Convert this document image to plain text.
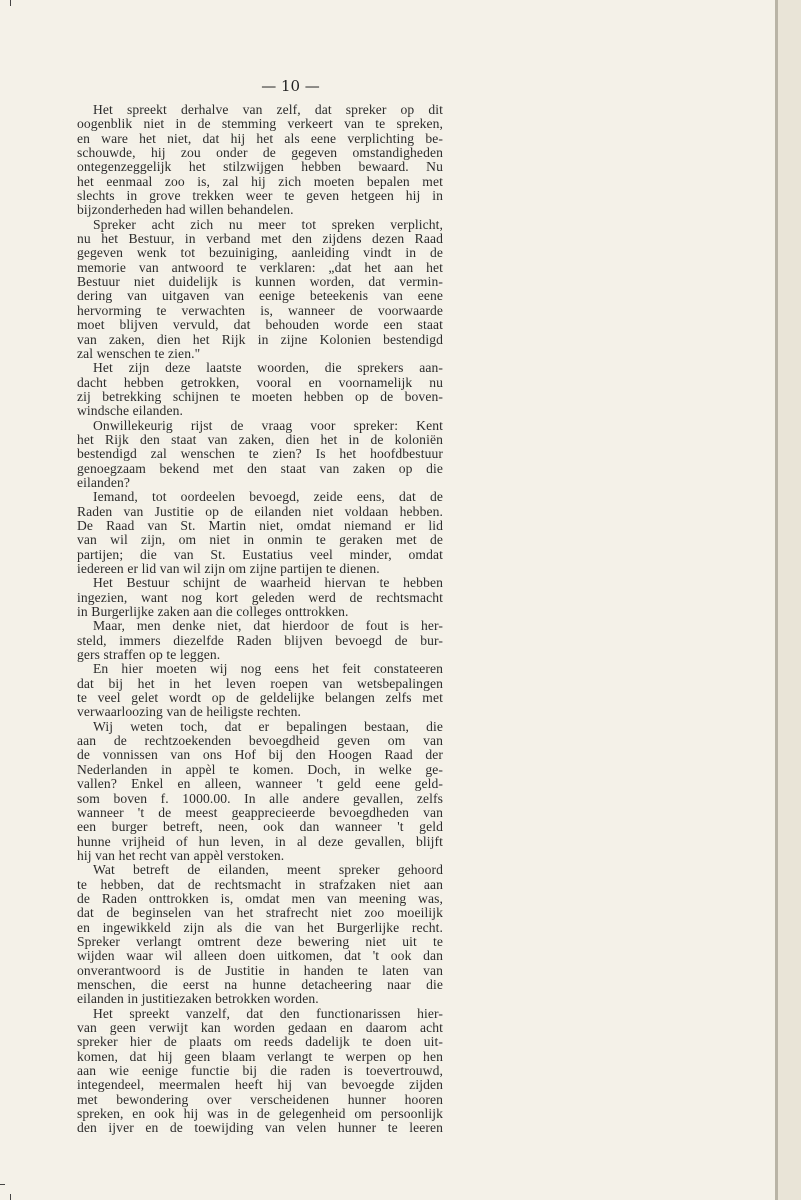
— 10 —
Het spreekt derhalve van zelf, dat spreker op dit
oogenblik niet in de stemming verkeert van te spreken,
en ware het niet, dat hij het als eene verplichting be-
schouwde, hij zou onder de gegeven omstandigheden
ontegenzeggelijk het stilzwijgen hebben bewaard. Nu
het eenmaal zoo is, zal hij zich moeten bepalen met
slechts in grove trekken weer te geven hetgeen hij in
bijzonderheden had willen behandelen.
Spreker acht zich nu meer tot spreken verplicht,
nu het Bestuur, in verband met den zijdens dezen Raad
gegeven wenk tot bezuiniging, aanleiding vindt in de
memorie van antwoord te verklaren: „dat het aan het
Bestuur niet duidelijk is kunnen worden, dat vermin-
dering van uitgaven van eenige beteekenis van eene
hervorming te verwachten is, wanneer de voorwaarde
moet blijven vervuld, dat behouden worde een staat
van zaken, dien het Rijk in zijne Kolonien bestendigd
zal wenschen te zien."
Het zijn deze laatste woorden, die sprekers aan-
dacht hebben getrokken, vooral en voornamelijk nu
zij betrekking schijnen te moeten hebben op de boven-
windsche eilanden.
Onwillekeurig rijst de vraag voor spreker: Kent
het Rijk den staat van zaken, dien het in de koloniën
bestendigd zal wenschen te zien? Is het hoofdbestuur
genoegzaam bekend met den staat van zaken op die
eilanden?
Iemand, tot oordeelen bevoegd, zeide eens, dat de
Raden van Justitie op de eilanden niet voldaan hebben.
De Raad van St. Martin niet, omdat niemand er lid
van wil zijn, om niet in onmin te geraken met de
partijen; die van St. Eustatius veel minder, omdat
iedereen er lid van wil zijn om zijne partijen te dienen.
Het Bestuur schijnt de waarheid hiervan te hebben
ingezien, want nog kort geleden werd de rechtsmacht
in Burgerlijke zaken aan die colleges onttrokken.
Maar, men denke niet, dat hierdoor de fout is her-
steld, immers diezelfde Raden blijven bevoegd de bur-
gers straffen op te leggen.
En hier moeten wij nog eens het feit constateeren
dat bij het in het leven roepen van wetsbepalingen
te veel gelet wordt op de geldelijke belangen zelfs met
verwaarloozing van de heiligste rechten.
Wij weten toch, dat er bepalingen bestaan, die
aan de rechtzoekenden bevoegdheid geven om van
de vonnissen van ons Hof bij den Hoogen Raad der
Nederlanden in appèl te komen. Doch, in welke ge-
vallen? Enkel en alleen, wanneer 't geld eene geld-
som boven f. 1000.00. In alle andere gevallen, zelfs
wanneer 't de meest geapprecieerde bevoegdheden van
een burger betreft, neen, ook dan wanneer 't geld
hunne vrijheid of hun leven, in al deze gevallen, blijft
hij van het recht van appèl verstoken.
Wat betreft de eilanden, meent spreker gehoord
te hebben, dat de rechtsmacht in strafzaken niet aan
de Raden onttrokken is, omdat men van meening was,
dat de beginselen van het strafrecht niet zoo moeilijk
en ingewikkeld zijn als die van het Burgerlijke recht.
Spreker verlangt omtrent deze bewering niet uit te
wijden waar wil alleen doen uitkomen, dat 't ook dan
onverantwoord is de Justitie in handen te laten van
menschen, die eerst na hunne detacheering naar die
eilanden in justitiezaken betrokken worden.
Het spreekt vanzelf, dat den functionarissen hier-
van geen verwijt kan worden gedaan en daarom acht
spreker hier de plaats om reeds dadelijk te doen uit-
komen, dat hij geen blaam verlangt te werpen op hen
aan wie eenige functie bij die raden is toevertrouwd,
integendeel, meermalen heeft hij van bevoegde zijden
met bewondering over verscheidenen hunner hooren
spreken, en ook hij was in de gelegenheid om persoonlijk
den ijver en de toewijding van velen hunner te leeren
